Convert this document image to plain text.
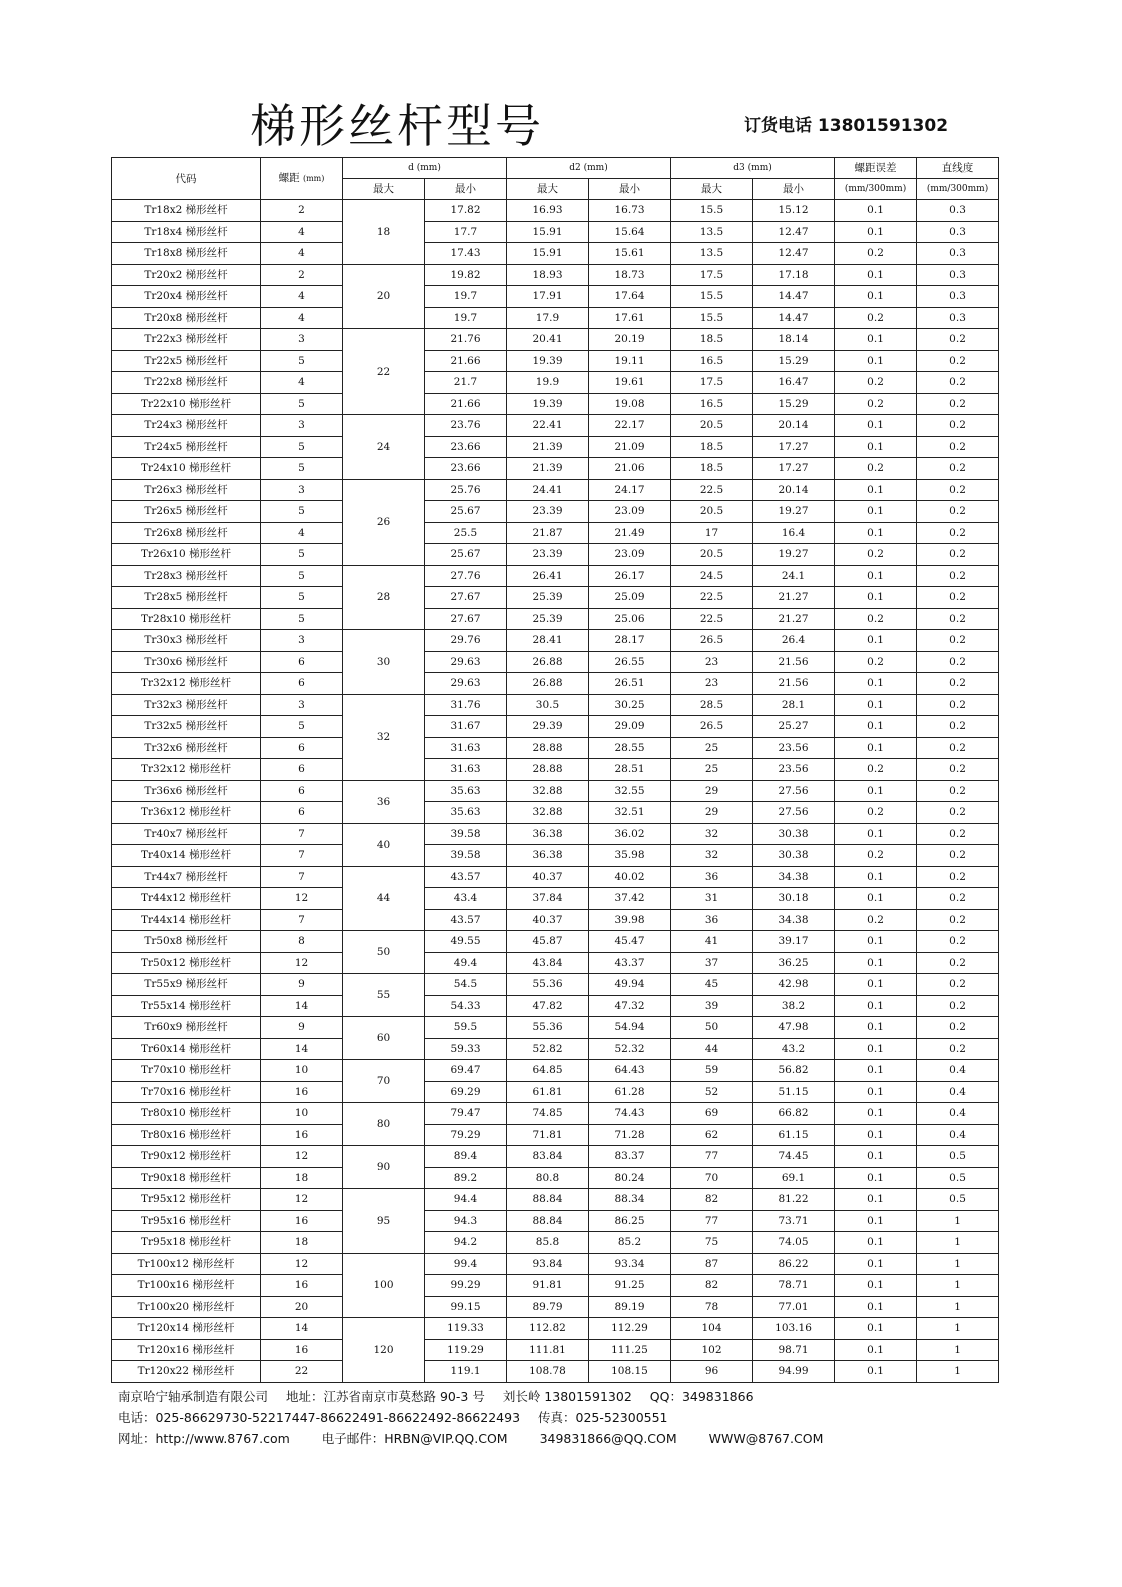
梯形丝杆型号	订货电话 13801591302
代码	螺距 (mm)	d (mm)		d2 (mm)		d3 (mm)		螺距误差	直线度
		最大	最小	最大	最小	最大	最小	(mm/300mm)	(mm/300mm)
Tr18x2 梯形丝杆	2	18	17.82	16.93	16.73	15.5	15.12	0.1	0.3
Tr18x4 梯形丝杆	4		17.7	15.91	15.64	13.5	12.47	0.1	0.3
Tr18x8 梯形丝杆	4		17.43	15.91	15.61	13.5	12.47	0.2	0.3
Tr20x2 梯形丝杆	2	20	19.82	18.93	18.73	17.5	17.18	0.1	0.3
Tr20x4 梯形丝杆	4		19.7	17.91	17.64	15.5	14.47	0.1	0.3
Tr20x8 梯形丝杆	4		19.7	17.9	17.61	15.5	14.47	0.2	0.3
Tr22x3 梯形丝杆	3	22	21.76	20.41	20.19	18.5	18.14	0.1	0.2
Tr22x5 梯形丝杆	5		21.66	19.39	19.11	16.5	15.29	0.1	0.2
Tr22x8 梯形丝杆	4		21.7	19.9	19.61	17.5	16.47	0.2	0.2
Tr22x10 梯形丝杆	5		21.66	19.39	19.08	16.5	15.29	0.2	0.2
Tr24x3 梯形丝杆	3	24	23.76	22.41	22.17	20.5	20.14	0.1	0.2
Tr24x5 梯形丝杆	5		23.66	21.39	21.09	18.5	17.27	0.1	0.2
Tr24x10 梯形丝杆	5		23.66	21.39	21.06	18.5	17.27	0.2	0.2
Tr26x3 梯形丝杆	3	26	25.76	24.41	24.17	22.5	20.14	0.1	0.2
Tr26x5 梯形丝杆	5		25.67	23.39	23.09	20.5	19.27	0.1	0.2
Tr26x8 梯形丝杆	4		25.5	21.87	21.49	17	16.4	0.1	0.2
Tr26x10 梯形丝杆	5		25.67	23.39	23.09	20.5	19.27	0.2	0.2
Tr28x3 梯形丝杆	5	28	27.76	26.41	26.17	24.5	24.1	0.1	0.2
Tr28x5 梯形丝杆	5		27.67	25.39	25.09	22.5	21.27	0.1	0.2
Tr28x10 梯形丝杆	5		27.67	25.39	25.06	22.5	21.27	0.2	0.2
Tr30x3 梯形丝杆	3	30	29.76	28.41	28.17	26.5	26.4	0.1	0.2
Tr30x6 梯形丝杆	6		29.63	26.88	26.55	23	21.56	0.2	0.2
Tr32x12 梯形丝杆	6		29.63	26.88	26.51	23	21.56	0.1	0.2
Tr32x3 梯形丝杆	3	32	31.76	30.5	30.25	28.5	28.1	0.1	0.2
Tr32x5 梯形丝杆	5		31.67	29.39	29.09	26.5	25.27	0.1	0.2
Tr32x6 梯形丝杆	6		31.63	28.88	28.55	25	23.56	0.1	0.2
Tr32x12 梯形丝杆	6		31.63	28.88	28.51	25	23.56	0.2	0.2
Tr36x6 梯形丝杆	6	36	35.63	32.88	32.55	29	27.56	0.1	0.2
Tr36x12 梯形丝杆	6		35.63	32.88	32.51	29	27.56	0.2	0.2
Tr40x7 梯形丝杆	7	40	39.58	36.38	36.02	32	30.38	0.1	0.2
Tr40x14 梯形丝杆	7		39.58	36.38	35.98	32	30.38	0.2	0.2
Tr44x7 梯形丝杆	7	44	43.57	40.37	40.02	36	34.38	0.1	0.2
Tr44x12 梯形丝杆	12		43.4	37.84	37.42	31	30.18	0.1	0.2
Tr44x14 梯形丝杆	7		43.57	40.37	39.98	36	34.38	0.2	0.2
Tr50x8 梯形丝杆	8	50	49.55	45.87	45.47	41	39.17	0.1	0.2
Tr50x12 梯形丝杆	12		49.4	43.84	43.37	37	36.25	0.1	0.2
Tr55x9 梯形丝杆	9	55	54.5	55.36	49.94	45	42.98	0.1	0.2
Tr55x14 梯形丝杆	14		54.33	47.82	47.32	39	38.2	0.1	0.2
Tr60x9 梯形丝杆	9	60	59.5	55.36	54.94	50	47.98	0.1	0.2
Tr60x14 梯形丝杆	14		59.33	52.82	52.32	44	43.2	0.1	0.2
Tr70x10 梯形丝杆	10	70	69.47	64.85	64.43	59	56.82	0.1	0.4
Tr70x16 梯形丝杆	16		69.29	61.81	61.28	52	51.15	0.1	0.4
Tr80x10 梯形丝杆	10	80	79.47	74.85	74.43	69	66.82	0.1	0.4
Tr80x16 梯形丝杆	16		79.29	71.81	71.28	62	61.15	0.1	0.4
Tr90x12 梯形丝杆	12	90	89.4	83.84	83.37	77	74.45	0.1	0.5
Tr90x18 梯形丝杆	18		89.2	80.8	80.24	70	69.1	0.1	0.5
Tr95x12 梯形丝杆	12	95	94.4	88.84	88.34	82	81.22	0.1	0.5
Tr95x16 梯形丝杆	16		94.3	88.84	86.25	77	73.71	0.1	1
Tr95x18 梯形丝杆	18		94.2	85.8	85.2	75	74.05	0.1	1
Tr100x12 梯形丝杆	12	100	99.4	93.84	93.34	87	86.22	0.1	1
Tr100x16 梯形丝杆	16		99.29	91.81	91.25	82	78.71	0.1	1
Tr100x20 梯形丝杆	20		99.15	89.79	89.19	78	77.01	0.1	1
Tr120x14 梯形丝杆	14	120	119.33	112.82	112.29	104	103.16	0.1	1
Tr120x16 梯形丝杆	16		119.29	111.81	111.25	102	98.71	0.1	1
Tr120x22 梯形丝杆	22		119.1	108.78	108.15	96	94.99	0.1	1
南京哈宁轴承制造有限公司 地址：江苏省南京市莫愁路 90-3 号 刘长岭 13801591302 QQ：349831866
电话：025-86629730-52217447-86622491-86622492-86622493 传真：025-52300551
网址：http://www.8767.com	电子邮件：HRBN@VIP.QQ.COM	349831866@QQ.COM	WWW@8767.COM
